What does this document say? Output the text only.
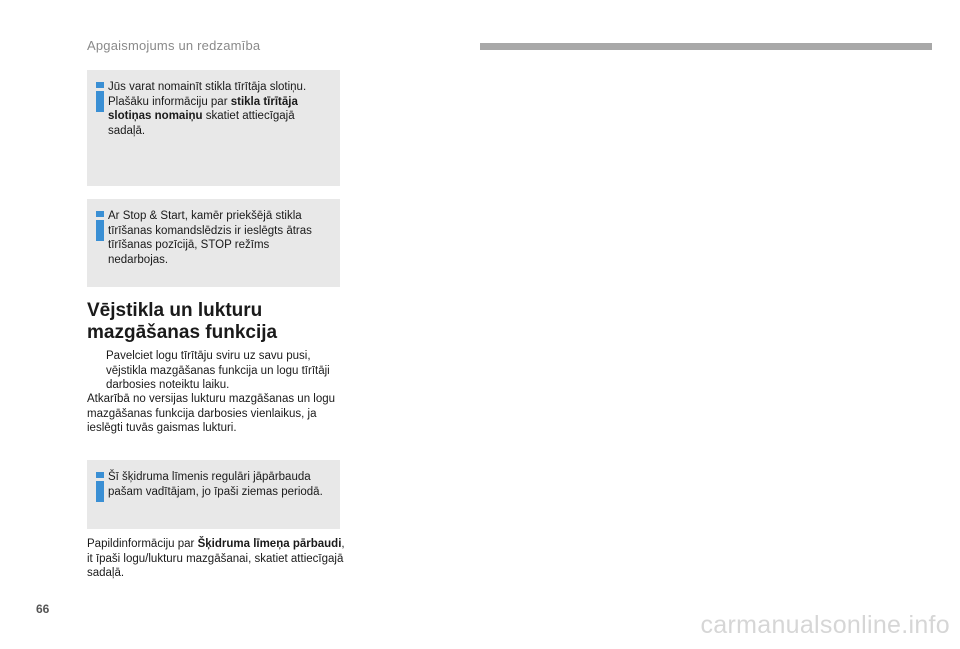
Apgaismojums un redzamība
Jūs varat nomainīt stikla tīrītāja slotiņu. Plašāku informāciju par stikla tīrītāja slotiņas nomaiņu skatiet attiecīgajā sadaļā.
Ar Stop & Start, kamēr priekšējā stikla tīrīšanas komandslēdzis ir ieslēgts ātras tīrīšanas pozīcijā, STOP režīms nedarbojas.
Vējstikla un lukturu mazgāšanas funkcija
Pavelciet logu tīrītāju sviru uz savu pusi, vējstikla mazgāšanas funkcija un logu tīrītāji darbosies noteiktu laiku.
Atkarībā no versijas lukturu mazgāšanas un logu mazgāšanas funkcija darbosies vienlaikus, ja ieslēgti tuvās gaismas lukturi.
Šī šķidruma līmenis regulāri jāpārbauda pašam vadītājam, jo īpaši ziemas periodā.
Papildinformāciju par Šķidruma līmeņa pārbaudi, it īpaši logu/lukturu mazgāšanai, skatiet attiecīgajā sadaļā.
66
carmanualsonline.info
